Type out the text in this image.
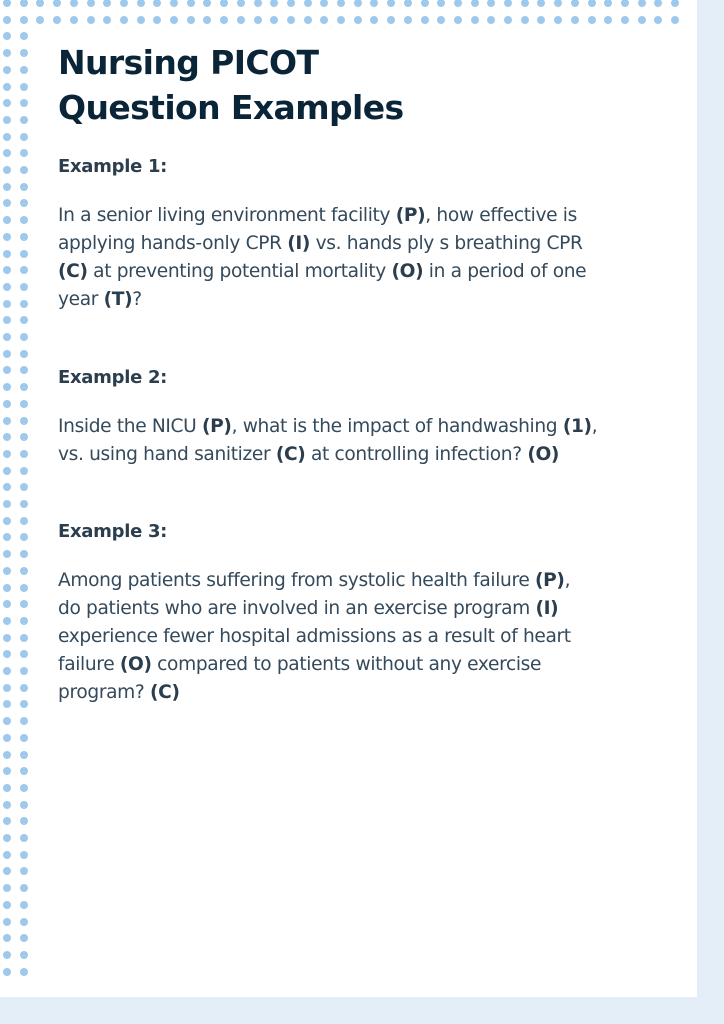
Nursing PICOT
Question Examples
Example 1:

In a senior living environment facility (P), how effective is
applying hands-only CPR (I) vs. hands ply s breathing CPR
(C) at preventing potential mortality (O) in a period of one
year (T)?

Example 2:

Inside the NICU (P), what is the impact of handwashing (1),
vs. using hand sanitizer (C) at controlling infection? (O)

Example 3:

Among patients suffering from systolic health failure (P),
do patients who are involved in an exercise program (I)
experience fewer hospital admissions as a result of heart
failure (O) compared to patients without any exercise
program? (C)
